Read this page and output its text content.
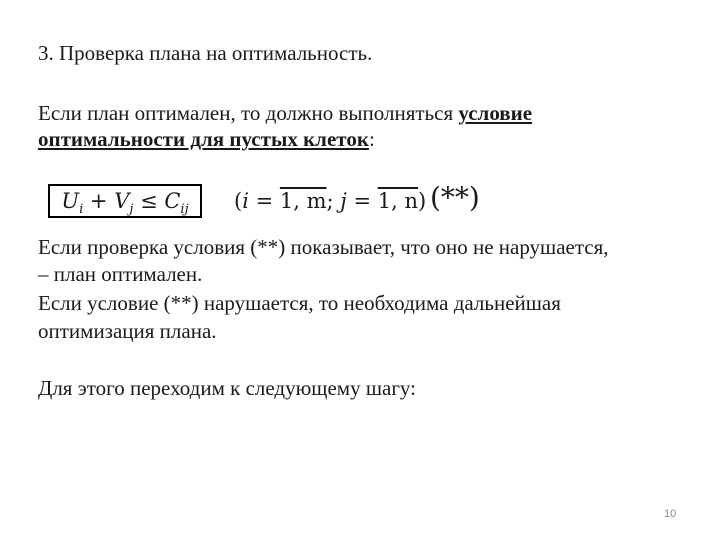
3. Проверка плана на оптимальность.
Если план оптимален, то должно выполняться условие
оптимальности для пустых клеток:
$U_i + V_j \le C_{ij}$	(i = 1, m; j = 1, n) (**)
Если проверка условия (**) показывает, что оно не нарушается,
– план оптимален.
Если условие (**) нарушается, то необходима дальнейшая
оптимизация плана.
Для этого переходим к следующему шагу:
10
